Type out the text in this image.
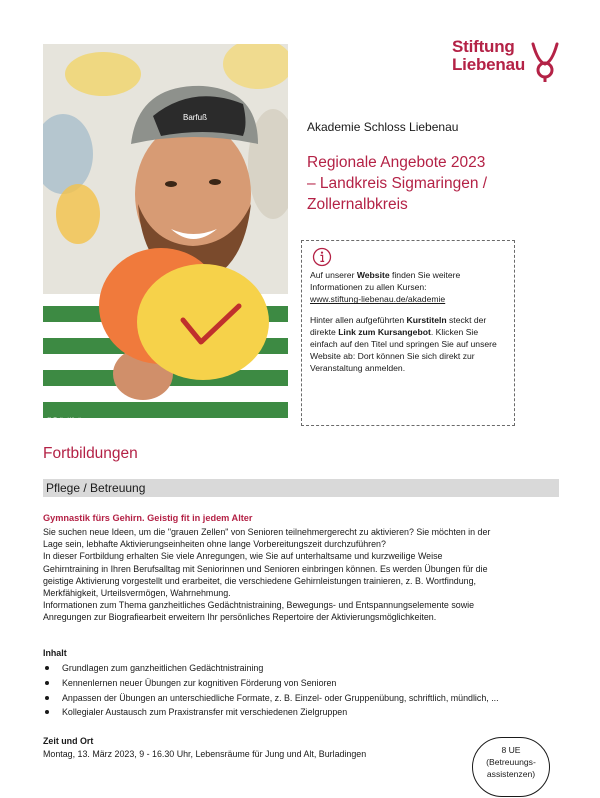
Barfuß
© Felix Kästle
Stiftung
Liebenau
Akademie Schloss Liebenau
Regionale Angebote 2023
– Landkreis Sigmaringen /
Zollernalbkreis

Auf unserer Website finden Sie weitere Informationen zu allen Kursen:
www.stiftung-liebenau.de/akademie

Hinter allen aufgeführten Kurstiteln steckt der direkte Link zum Kursangebot. Klicken Sie einfach auf den Titel und springen Sie auf unsere Website ab: Dort können Sie sich direkt zur Veranstaltung anmelden.

Fortbildungen
Pflege / Betreuung
Gymnastik fürs Gehirn. Geistig fit in jedem Alter
Sie suchen neue Ideen, um die "grauen Zellen" von Senioren teilnehmergerecht zu aktivieren? Sie möchten in der
Lage sein, lebhafte Aktivierungseinheiten ohne lange Vorbereitungszeit durchzuführen?
In dieser Fortbildung erhalten Sie viele Anregungen, wie Sie auf unterhaltsame und kurzweilige Weise
Gehirntraining in Ihren Berufsalltag mit Seniorinnen und Senioren einbringen können. Es werden Übungen für die
geistige Aktivierung vorgestellt und erarbeitet, die verschiedene Gehirnleistungen trainieren, z. B. Wortfindung,
Merkfähigkeit, Urteilsvermögen, Wahrnehmung.
Informationen zum Thema ganzheitliches Gedächtnistraining, Bewegungs- und Entspannungselemente sowie
Anregungen zur Biografiearbeit erweitern Ihr persönliches Repertoire der Aktivierungsmöglichkeiten.
Inhalt
Grundlagen zum ganzheitlichen Gedächtnistraining
Kennenlernen neuer Übungen zur kognitiven Förderung von Senioren
Anpassen der Übungen an unterschiedliche Formate, z. B. Einzel- oder Gruppenübung, schriftlich, mündlich, ...
Kollegialer Austausch zum Praxistransfer mit verschiedenen Zielgruppen
Zeit und Ort
Montag, 13. März 2023, 9 - 16.30 Uhr, Lebensräume für Jung und Alt, Burladingen	8 UE
(Betreuungs-
assistenzen)
